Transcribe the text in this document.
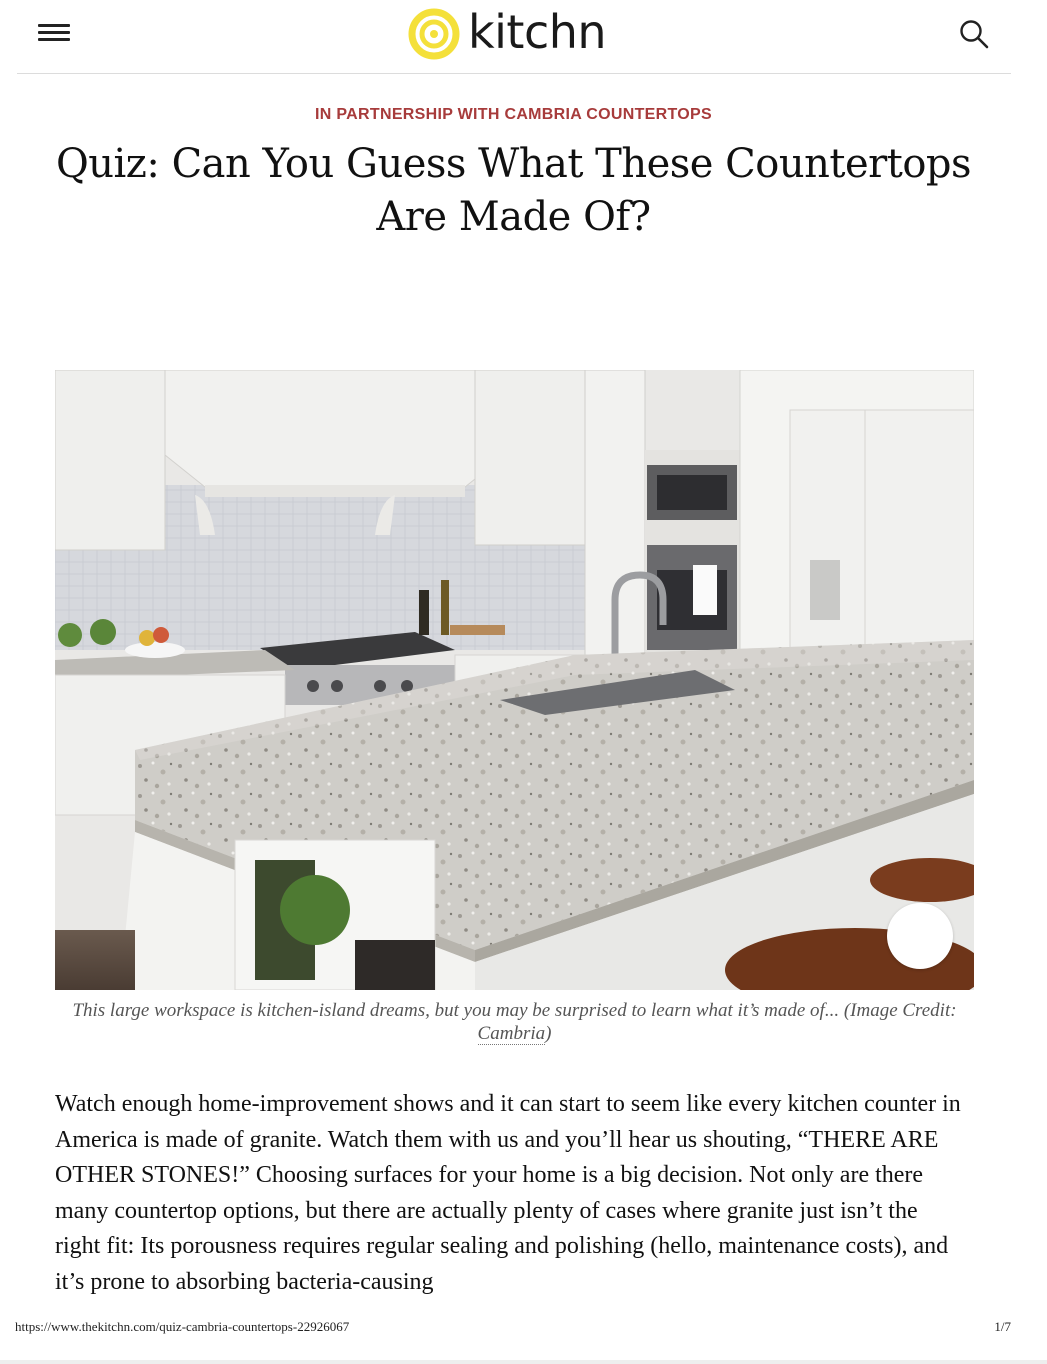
kitchn
IN PARTNERSHIP WITH CAMBRIA COUNTERTOPS
Quiz: Can You Guess What These Countertops Are Made Of?
This large workspace is kitchen-island dreams, but you may be surprised to learn what it’s made of... (Image Credit: Cambria)

Watch enough home-improvement shows and it can start to seem like every kitchen counter in America is made of granite. Watch them with us and you’ll hear us shouting, “THERE ARE OTHER STONES!” Choosing surfaces for your home is a big decision. Not only are there many countertop options, but there are actually plenty of cases where granite just isn’t the right fit: Its porousness requires regular sealing and polishing (hello, maintenance costs), and it’s prone to absorbing bacteria-causing

https://www.thekitchn.com/quiz-cambria-countertops-22926067	1/7
